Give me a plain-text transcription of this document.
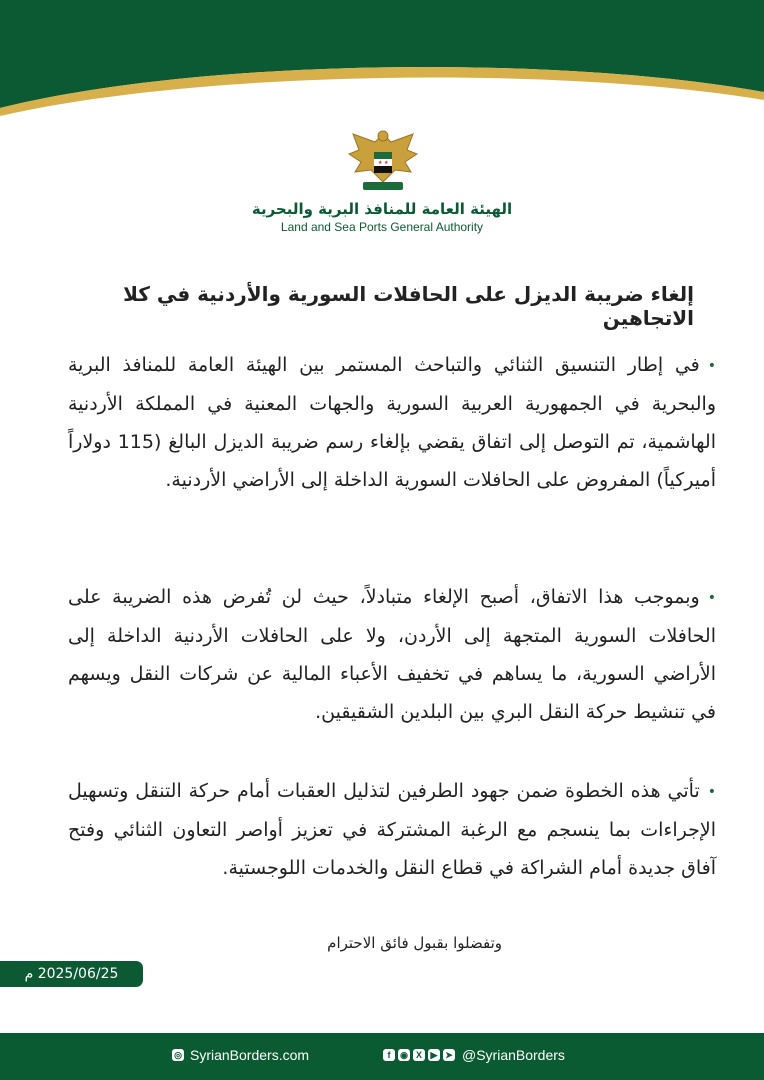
★ ★
الهيئة العامة للمنافذ البرية والبحرية
Land and Sea Ports General Authority
إلغاء ضريبة الديزل على الحافلات السورية والأردنية في كلا الاتجاهين
•في إطار التنسيق الثنائي والتباحث المستمر بين الهيئة العامة للمنافذ البرية والبحرية في الجمهورية العربية السورية والجهات المعنية في المملكة الأردنية الهاشمية، تم التوصل إلى اتفاق يقضي بإلغاء رسم ضريبة الديزل البالغ (115 دولاراً أميركياً) المفروض على الحافلات السورية الداخلة إلى الأراضي الأردنية.
•وبموجب هذا الاتفاق، أصبح الإلغاء متبادلاً، حيث لن تُفرض هذه الضريبة على الحافلات السورية المتجهة إلى الأردن، ولا على الحافلات الأردنية الداخلة إلى الأراضي السورية، ما يساهم في تخفيف الأعباء المالية عن شركات النقل ويسهم في تنشيط حركة النقل البري بين البلدين الشقيقين.
•تأتي هذه الخطوة ضمن جهود الطرفين لتذليل العقبات أمام حركة التنقل وتسهيل الإجراءات بما ينسجم مع الرغبة المشتركة في تعزيز أواصر التعاون الثنائي وفتح آفاق جديدة أمام الشراكة في قطاع النقل والخدمات اللوجستية.
وتفضلوا بقبول فائق الاحترام
2025/06/25 م
◎ SyrianBorders.com	f	◉ X ▶ ➤ @SyrianBorders
